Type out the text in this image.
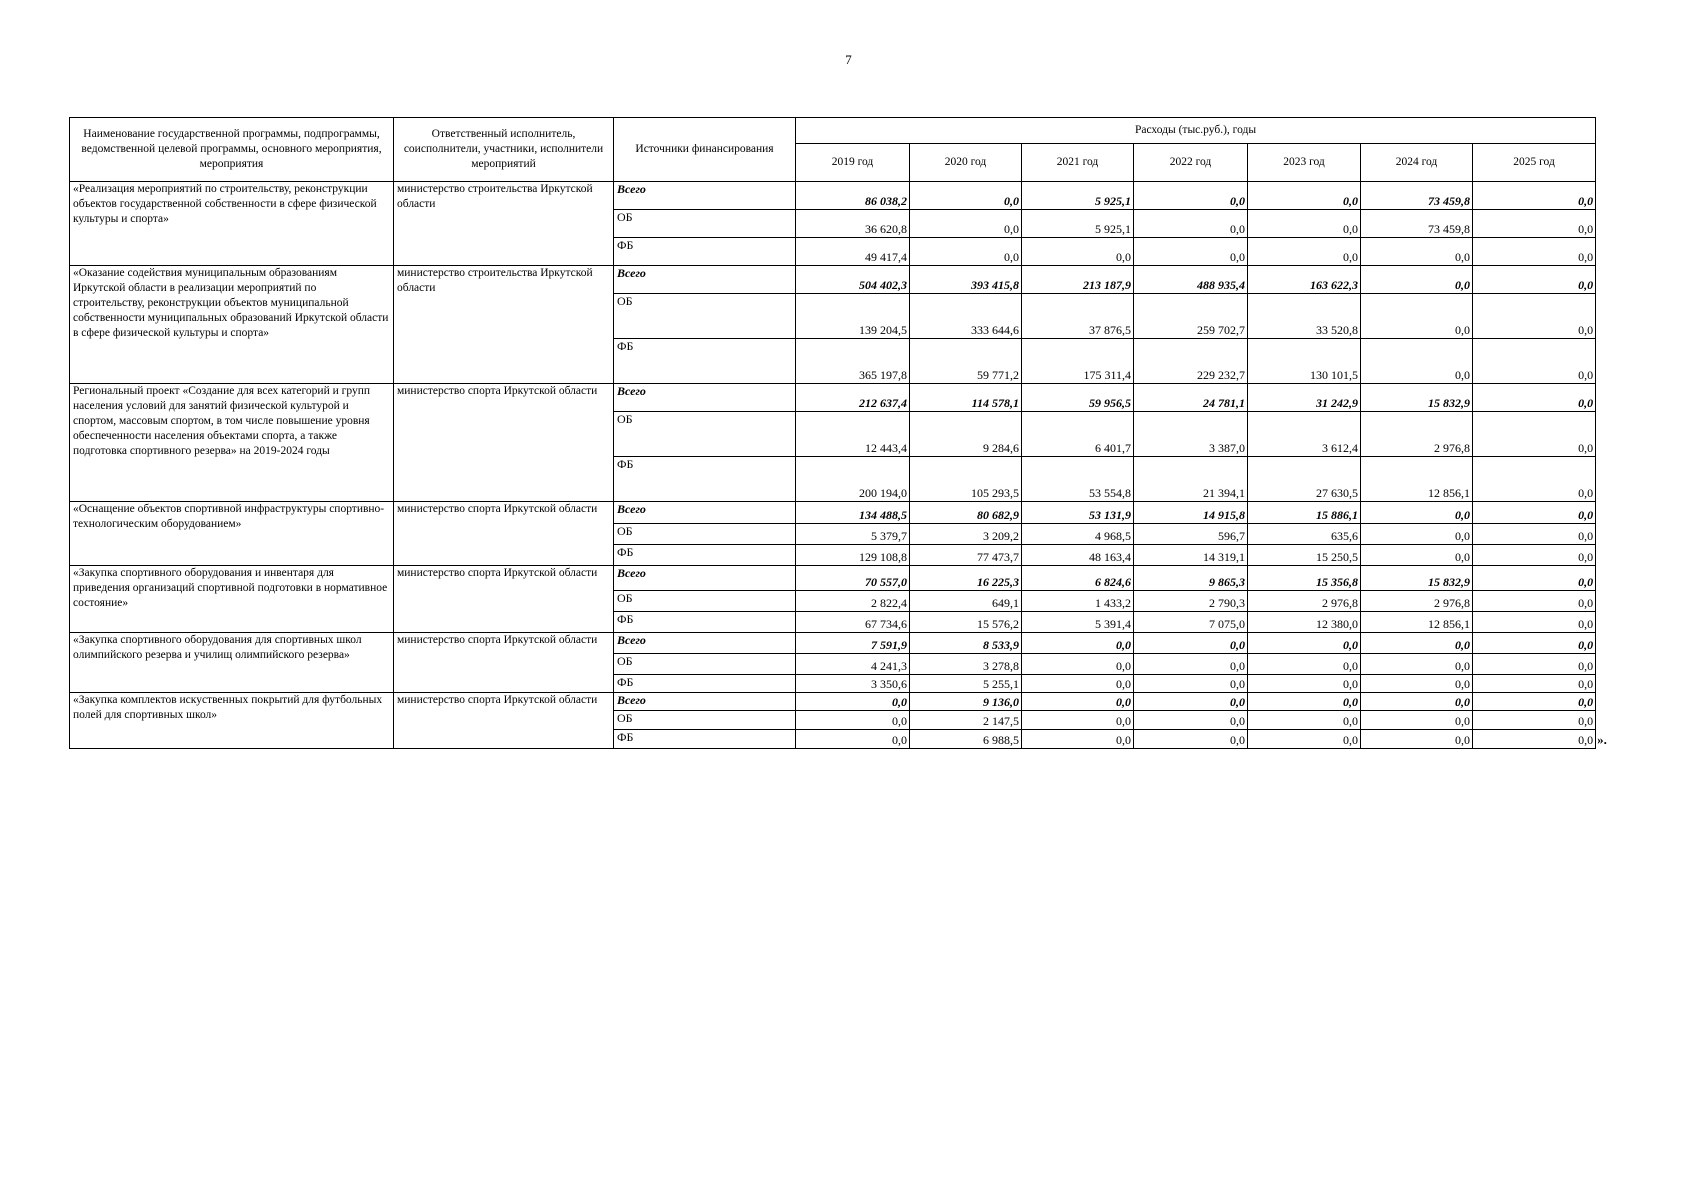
7
Наименование государственной программы, подпрограммы, ведомственной целевой программы, основного мероприятия, мероприятия	Ответственный исполнитель, соисполнители, участники, исполнители мероприятий	Источники финансирования	Расходы (тыс.руб.), годы						
			2019 год	2020 год	2021 год	2022 год	2023 год	2024 год	2025 год
«Реализация мероприятий по строительству, реконструкции объектов государственной собственности в сфере физической культуры и спорта»	министерство строительства Иркутской области	Всего	86 038,2	0,0	5 925,1	0,0	0,0	73 459,8	0,0
		ОБ	36 620,8	0,0	5 925,1	0,0	0,0	73 459,8	0,0
		ФБ	49 417,4	0,0	0,0	0,0	0,0	0,0	0,0
«Оказание содействия муниципальным образованиям Иркутской области в реализации мероприятий по строительству, реконструкции объектов муниципальной собственности муниципальных образований Иркутской области в сфере физической культуры и спорта»	министерство строительства Иркутской области	Всего	504 402,3	393 415,8	213 187,9	488 935,4	163 622,3	0,0	0,0
		ОБ	139 204,5	333 644,6	37 876,5	259 702,7	33 520,8	0,0	0,0
		ФБ	365 197,8	59 771,2	175 311,4	229 232,7	130 101,5	0,0	0,0
Региональный проект «Создание для всех категорий и групп населения условий для занятий физической культурой и спортом, массовым спортом, в том числе повышение уровня обеспеченности населения объектами спорта, а также подготовка спортивного резерва» на 2019-2024 годы	министерство спорта Иркутской области	Всего	212 637,4	114 578,1	59 956,5	24 781,1	31 242,9	15 832,9	0,0
		ОБ	12 443,4	9 284,6	6 401,7	3 387,0	3 612,4	2 976,8	0,0
		ФБ	200 194,0	105 293,5	53 554,8	21 394,1	27 630,5	12 856,1	0,0
«Оснащение объектов спортивной инфраструктуры спортивно-технологическим оборудованием»	министерство спорта Иркутской области	Всего	134 488,5	80 682,9	53 131,9	14 915,8	15 886,1	0,0	0,0
		ОБ	5 379,7	3 209,2	4 968,5	596,7	635,6	0,0	0,0
		ФБ	129 108,8	77 473,7	48 163,4	14 319,1	15 250,5	0,0	0,0
«Закупка спортивного оборудования и инвентаря для приведения организаций спортивной подготовки в нормативное состояние»	министерство спорта Иркутской области	Всего	70 557,0	16 225,3	6 824,6	9 865,3	15 356,8	15 832,9	0,0
		ОБ	2 822,4	649,1	1 433,2	2 790,3	2 976,8	2 976,8	0,0
		ФБ	67 734,6	15 576,2	5 391,4	7 075,0	12 380,0	12 856,1	0,0
«Закупка спортивного оборудования для спортивных школ олимпийского резерва и училищ олимпийского резерва»	министерство спорта Иркутской области	Всего	7 591,9	8 533,9	0,0	0,0	0,0	0,0	0,0
		ОБ	4 241,3	3 278,8	0,0	0,0	0,0	0,0	0,0
		ФБ	3 350,6	5 255,1	0,0	0,0	0,0	0,0	0,0
«Закупка комплектов искуственных покрытий для футбольных полей для спортивных школ»	министерство спорта Иркутской области	Всего	0,0	9 136,0	0,0	0,0	0,0	0,0	0,0
		ОБ	0,0	2 147,5	0,0	0,0	0,0	0,0	0,0
		ФБ	0,0	6 988,5	0,0	0,0	0,0	0,0	0,0 ».
